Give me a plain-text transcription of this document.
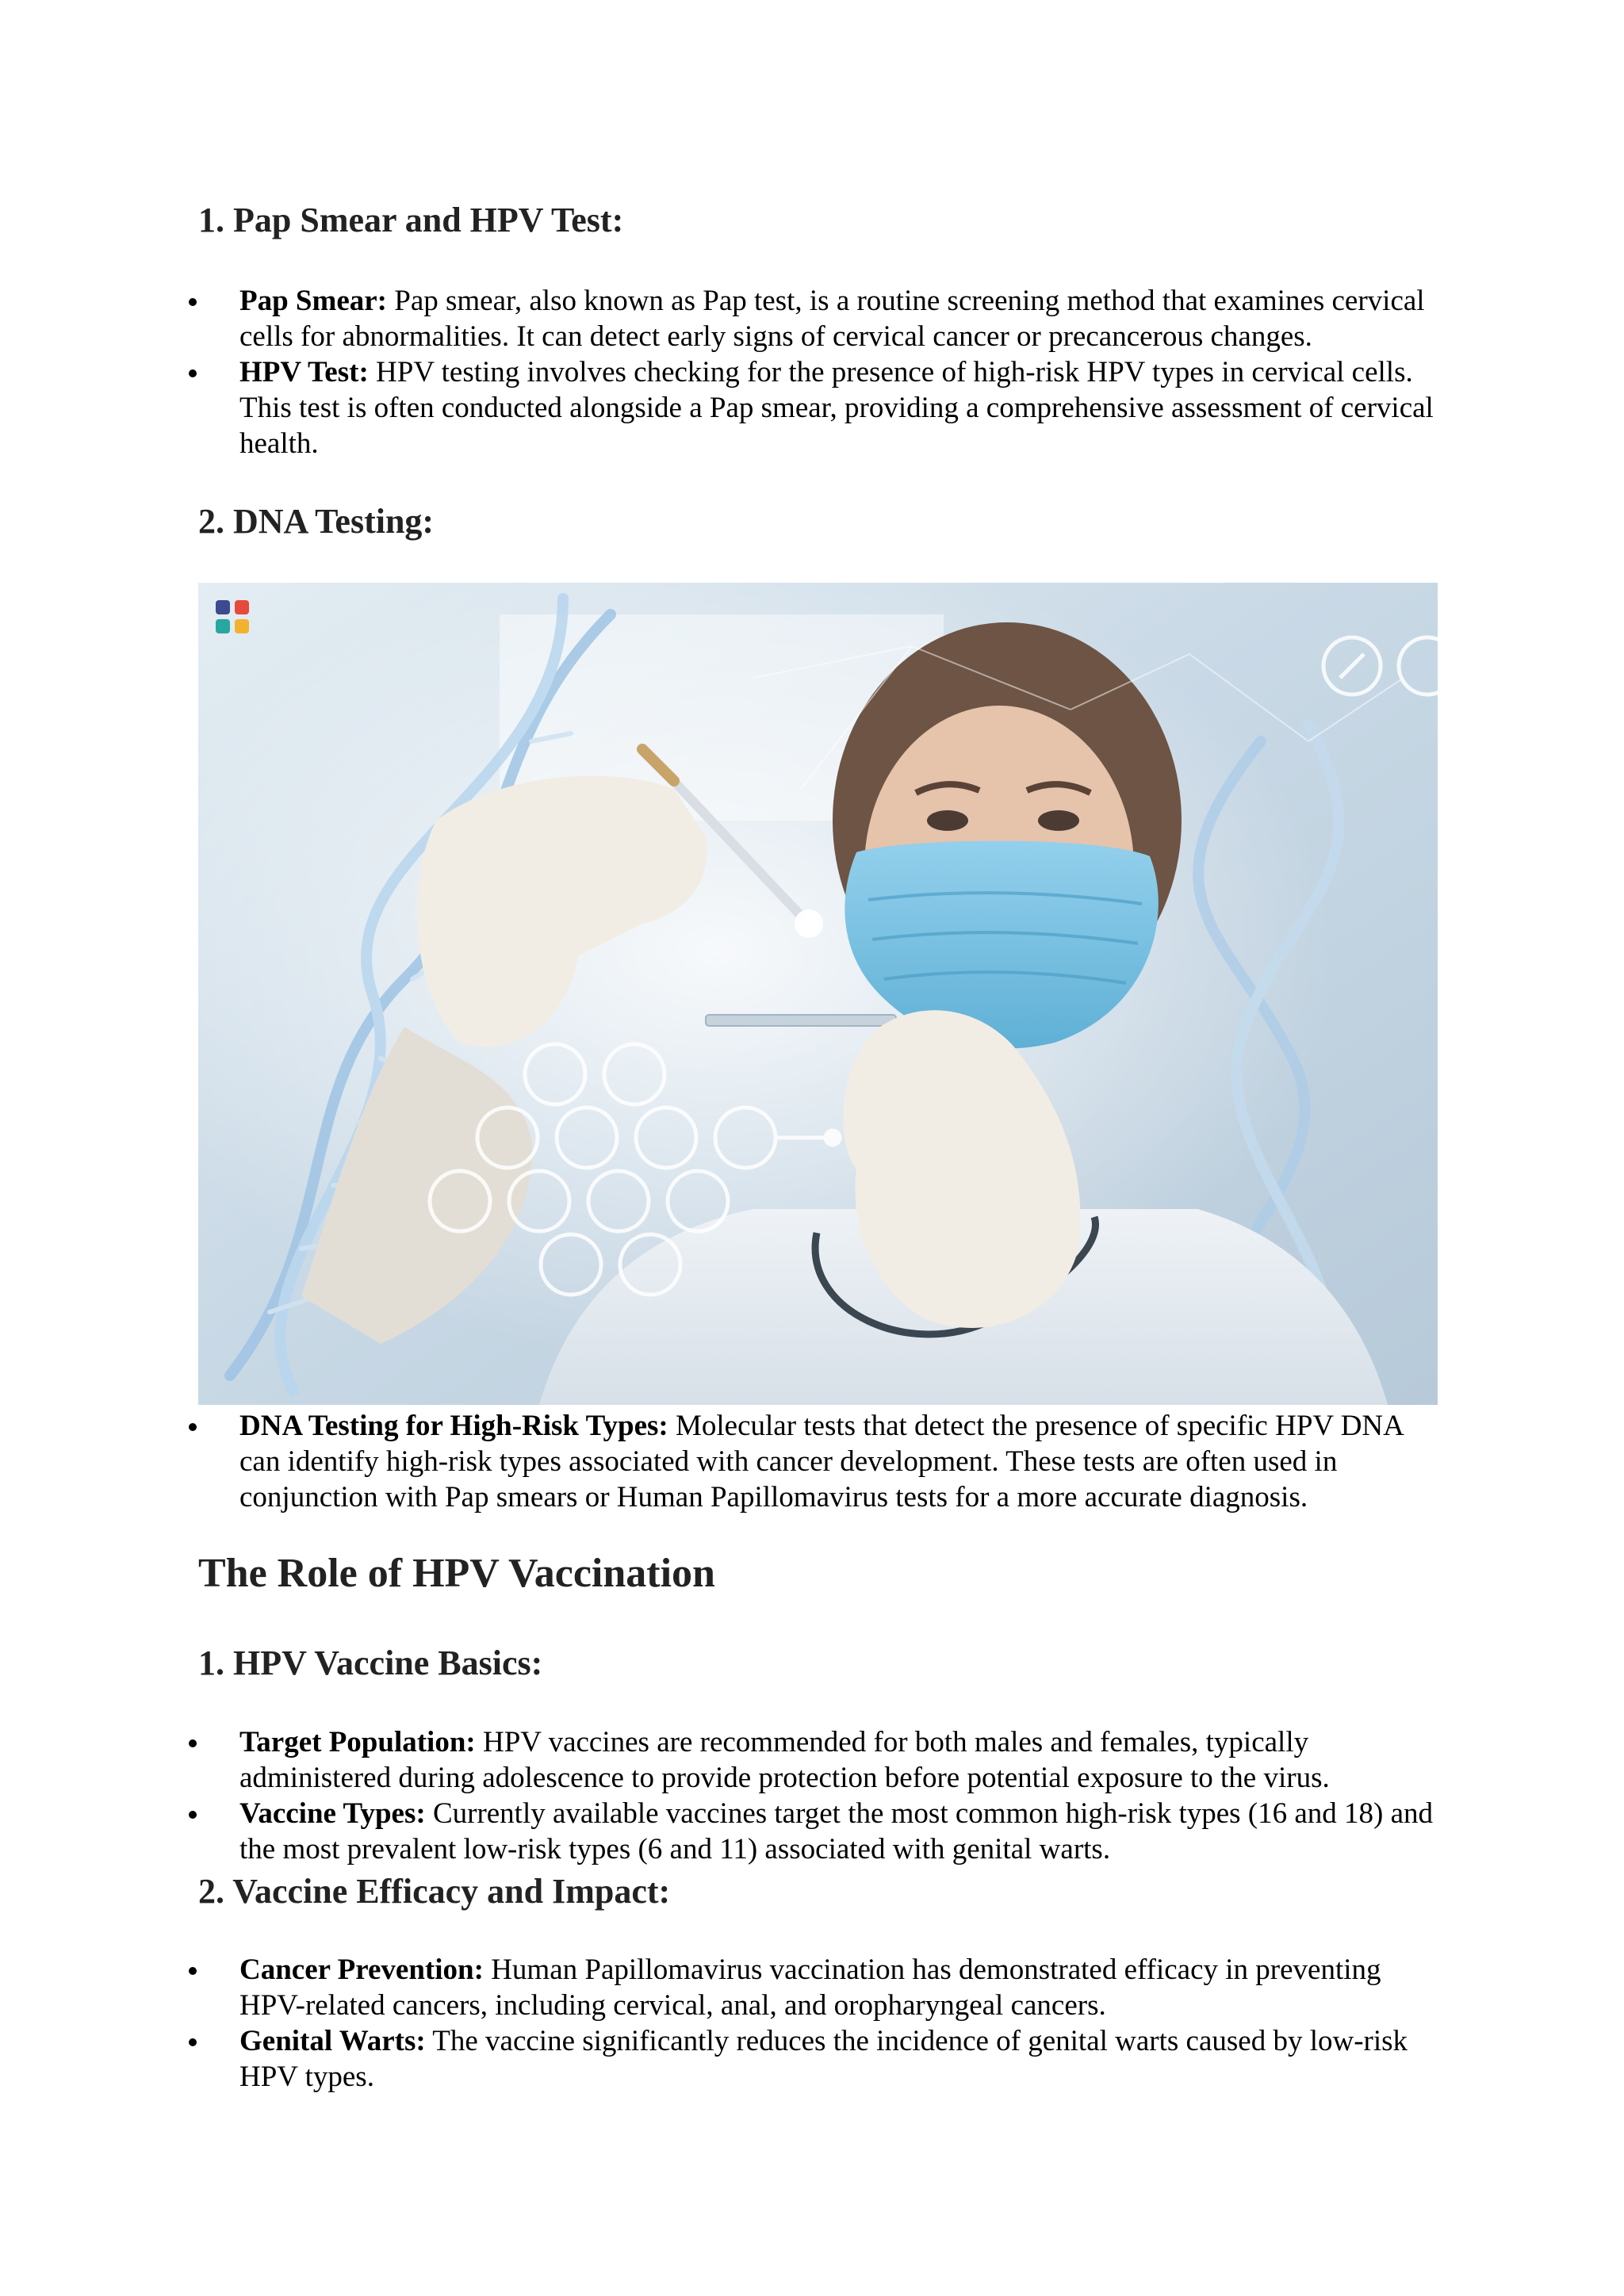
1. Pap Smear and HPV Test:
Pap Smear: Pap smear, also known as Pap test, is a routine screening method that examines cervical cells for abnormalities. It can detect early signs of cervical cancer or precancerous changes.
HPV Test: HPV testing involves checking for the presence of high-risk HPV types in cervical cells. This test is often conducted alongside a Pap smear, providing a comprehensive assessment of cervical health.
2. DNA Testing:
DNA Testing for High-Risk Types: Molecular tests that detect the presence of specific HPV DNA can identify high-risk types associated with cancer development. These tests are often used in conjunction with Pap smears or Human Papillomavirus tests for a more accurate diagnosis.
The Role of HPV Vaccination
1. HPV Vaccine Basics:
Target Population: HPV vaccines are recommended for both males and females, typically administered during adolescence to provide protection before potential exposure to the virus.
Vaccine Types: Currently available vaccines target the most common high-risk types (16 and 18) and the most prevalent low-risk types (6 and 11) associated with genital warts.
2. Vaccine Efficacy and Impact:
Cancer Prevention: Human Papillomavirus vaccination has demonstrated efficacy in preventing HPV-related cancers, including cervical, anal, and oropharyngeal cancers.
Genital Warts: The vaccine significantly reduces the incidence of genital warts caused by low-risk HPV types.
